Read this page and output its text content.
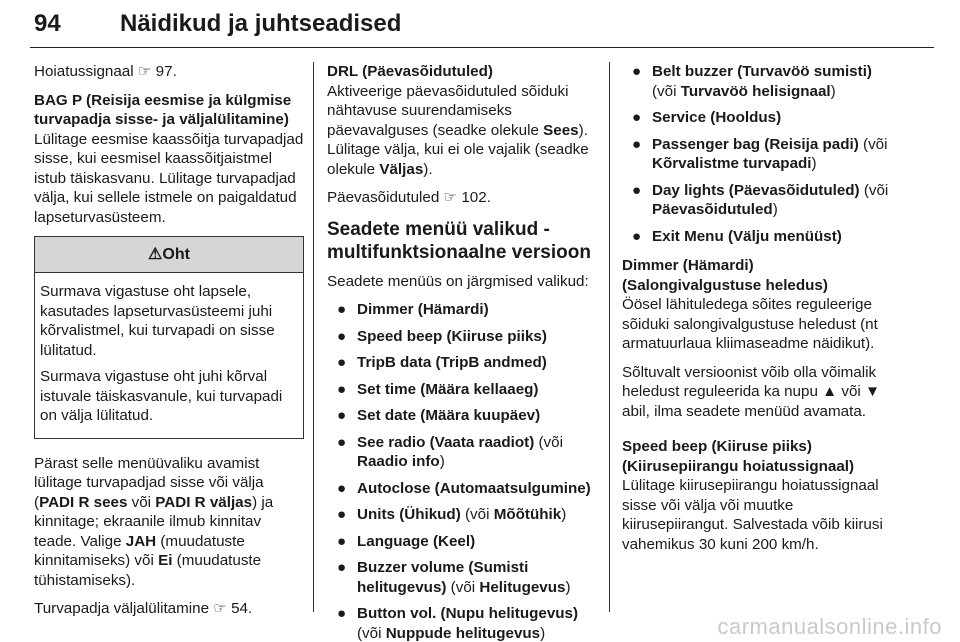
94 Näidikud ja juhtseadised

Hoiatussignaal ☞ 97.

BAG P (Reisija eesmise ja külgmise turvapadja sisse- ja väljalülitamine)
Lülitage eesmise kaassõitja turvapadjad sisse, kui eesmisel kaassõitjaistmel istub täiskasvanu. Lülitage turvapadjad välja, kui sellele istmele on paigaldatud lapseturvasüsteem.

⚠Oht

Surmava vigastuse oht lapsele, kasutades lapseturvasüsteemi juhi kõrvalistmel, kui turvapadi on sisse lülitatud.

Surmava vigastuse oht juhi kõrval istuvale täiskasvanule, kui turvapadi on välja lülitatud.

Pärast selle menüüvaliku avamist lülitage turvapadjad sisse või välja (PADI R sees või PADI R väljas) ja kinnitage; ekraanile ilmub kinnitav teade. Valige JAH (muudatuste kinnitamiseks) või Ei (muudatuste tühistamiseks).

Turvapadja väljalülitamine ☞ 54.

DRL (Päevasõidutuled)
Aktiveerige päevasõidutuled sõiduki nähtavuse suurendamiseks päevavalguses (seadke olekule Sees). Lülitage välja, kui ei ole vajalik (seadke olekule Väljas).

Päevasõidutuled ☞ 102.

Seadete menüü valikud - multifunktsionaalne versioon

Seadete menüüs on järgmised valikud:

● Dimmer (Hämardi)
● Speed beep (Kiiruse piiks)
● TripB data (TripB andmed)
● Set time (Määra kellaaeg)
● Set date (Määra kuupäev)
● See radio (Vaata raadiot) (või Raadio info)
● Autoclose (Automaatsulgumine)
● Units (Ühikud) (või Mõõtühik)
● Language (Keel)
● Buzzer volume (Sumisti helitugevus) (või Helitugevus)
● Button vol. (Nupu helitugevus) (või Nuppude helitugevus)
● Belt buzzer (Turvavöö sumisti) (või Turvavöö helisignaal)
● Service (Hooldus)
● Passenger bag (Reisija padi) (või Kõrvalistme turvapadi)
● Day lights (Päevasõidutuled) (või Päevasõidutuled)
● Exit Menu (Välju menüüst)

Dimmer (Hämardi) (Salongivalgustuse heledus)
Öösel lähituledega sõites reguleerige sõiduki salongivalgustuse heledust (nt armatuurlaua kliimaseadme näidikut).

Sõltuvalt versioonist võib olla võimalik heledust reguleerida ka nupu ▲ või ▼ abil, ilma seadete menüüd avamata.

Speed beep (Kiiruse piiks) (Kiirusepiirangu hoiatussignaal)
Lülitage kiirusepiirangu hoiatussignaal sisse või välja või muutke kiirusepiirangut. Salvestada võib kiirusi vahemikus 30 kuni 200 km/h.

carmanualsonline.info
